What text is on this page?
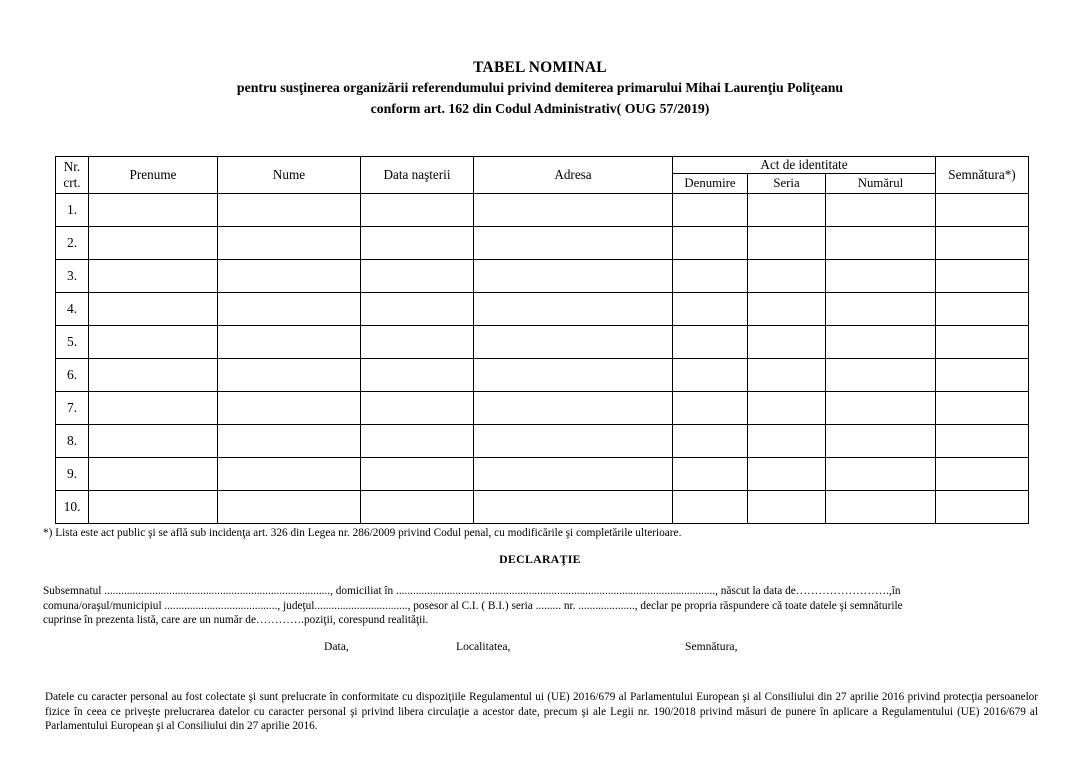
TABEL NOMINAL
pentru susţinerea organizării referendumului privind demiterea primarului Mihai Laurenţiu Poliţeanu
conform art. 162 din Codul Administrativ( OUG 57/2019)
Nr. crt.	Prenume	Nume	Data naşterii	Adresa	Act de identitate			Semnătura*)
					Denumire	Seria	Numărul	
1.								
2.								
3.								
4.								
5.								
6.								
7.								
8.								
9.								
10.								
*) Lista este act public şi se află sub incidenţa art. 326 din Legea nr. 286/2009 privind Codul penal, cu modificările şi completările ulterioare.
DECLARAŢIE
Subsemnatul ................................................................................, domiciliat în ................................................................................................................., născut la data de…………………….,în
comuna/oraşul/municipiul ........................................, judeţul................................., posesor al C.I. ( B.I.) seria ......... nr. ...................., declar pe propria răspundere că toate datele şi semnăturile
cuprinse în prezenta listă, care are un număr de………….poziţii, corespund realităţii.
Data,	Localitatea,	Semnătura,
Datele cu caracter personal au fost colectate şi sunt prelucrate în conformitate cu dispoziţiile Regulamentul ui (UE) 2016/679 al Parlamentului European şi al Consiliului din 27 aprilie 2016 privind protecţia persoanelor fizice în ceea ce priveşte prelucrarea datelor cu caracter personal şi privind libera circulaţie a acestor date, precum şi ale Legii nr. 190/2018 privind măsuri de punere în aplicare a Regulamentului (UE) 2016/679 al Parlamentului European şi al Consiliului din 27 aprilie 2016.
